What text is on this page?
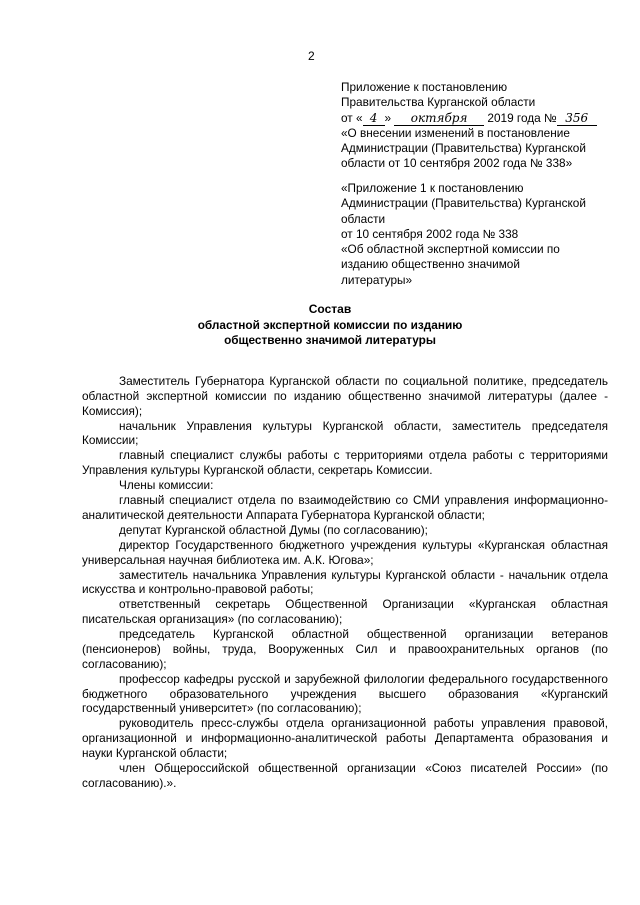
2
Приложение к постановлению
Правительства Курганской области
от « 4 » октября 2019 года № 356
«О внесении изменений в постановление
Администрации (Правительства) Курганской
области от 10 сентября 2002 года № 338»
«Приложение 1 к постановлению
Администрации (Правительства) Курганской
области
от 10 сентября 2002 года № 338
«Об областной экспертной комиссии по
изданию общественно значимой
литературы»
Состав
областной экспертной комиссии по изданию
общественно значимой литературы

Заместитель Губернатора Курганской области по социальной политике, председатель областной экспертной комиссии по изданию общественно значимой литературы (далее - Комиссия);

начальник Управления культуры Курганской области, заместитель председателя Комиссии;

главный специалист службы работы с территориями отдела работы с территориями Управления культуры Курганской области, секретарь Комиссии.

Члены комиссии:

главный специалист отдела по взаимодействию со СМИ управления информационно-аналитической деятельности Аппарата Губернатора Курганской области;

депутат Курганской областной Думы (по согласованию);

директор Государственного бюджетного учреждения культуры «Курганская областная универсальная научная библиотека им. А.К. Югова»;

заместитель начальника Управления культуры Курганской области - начальник отдела искусства и контрольно-правовой работы;

ответственный секретарь Общественной Организации «Курганская областная писательская организация» (по согласованию);

председатель Курганской областной общественной организации ветеранов (пенсионеров) войны, труда, Вооруженных Сил и правоохранительных органов (по согласованию);

профессор кафедры русской и зарубежной филологии федерального государственного бюджетного образовательного учреждения высшего образования «Курганский государственный университет» (по согласованию);

руководитель пресс-службы отдела организационной работы управления правовой, организационной и информационно-аналитической работы Департамента образования и науки Курганской области;

член Общероссийской общественной организации «Союз писателей России» (по согласованию).».
